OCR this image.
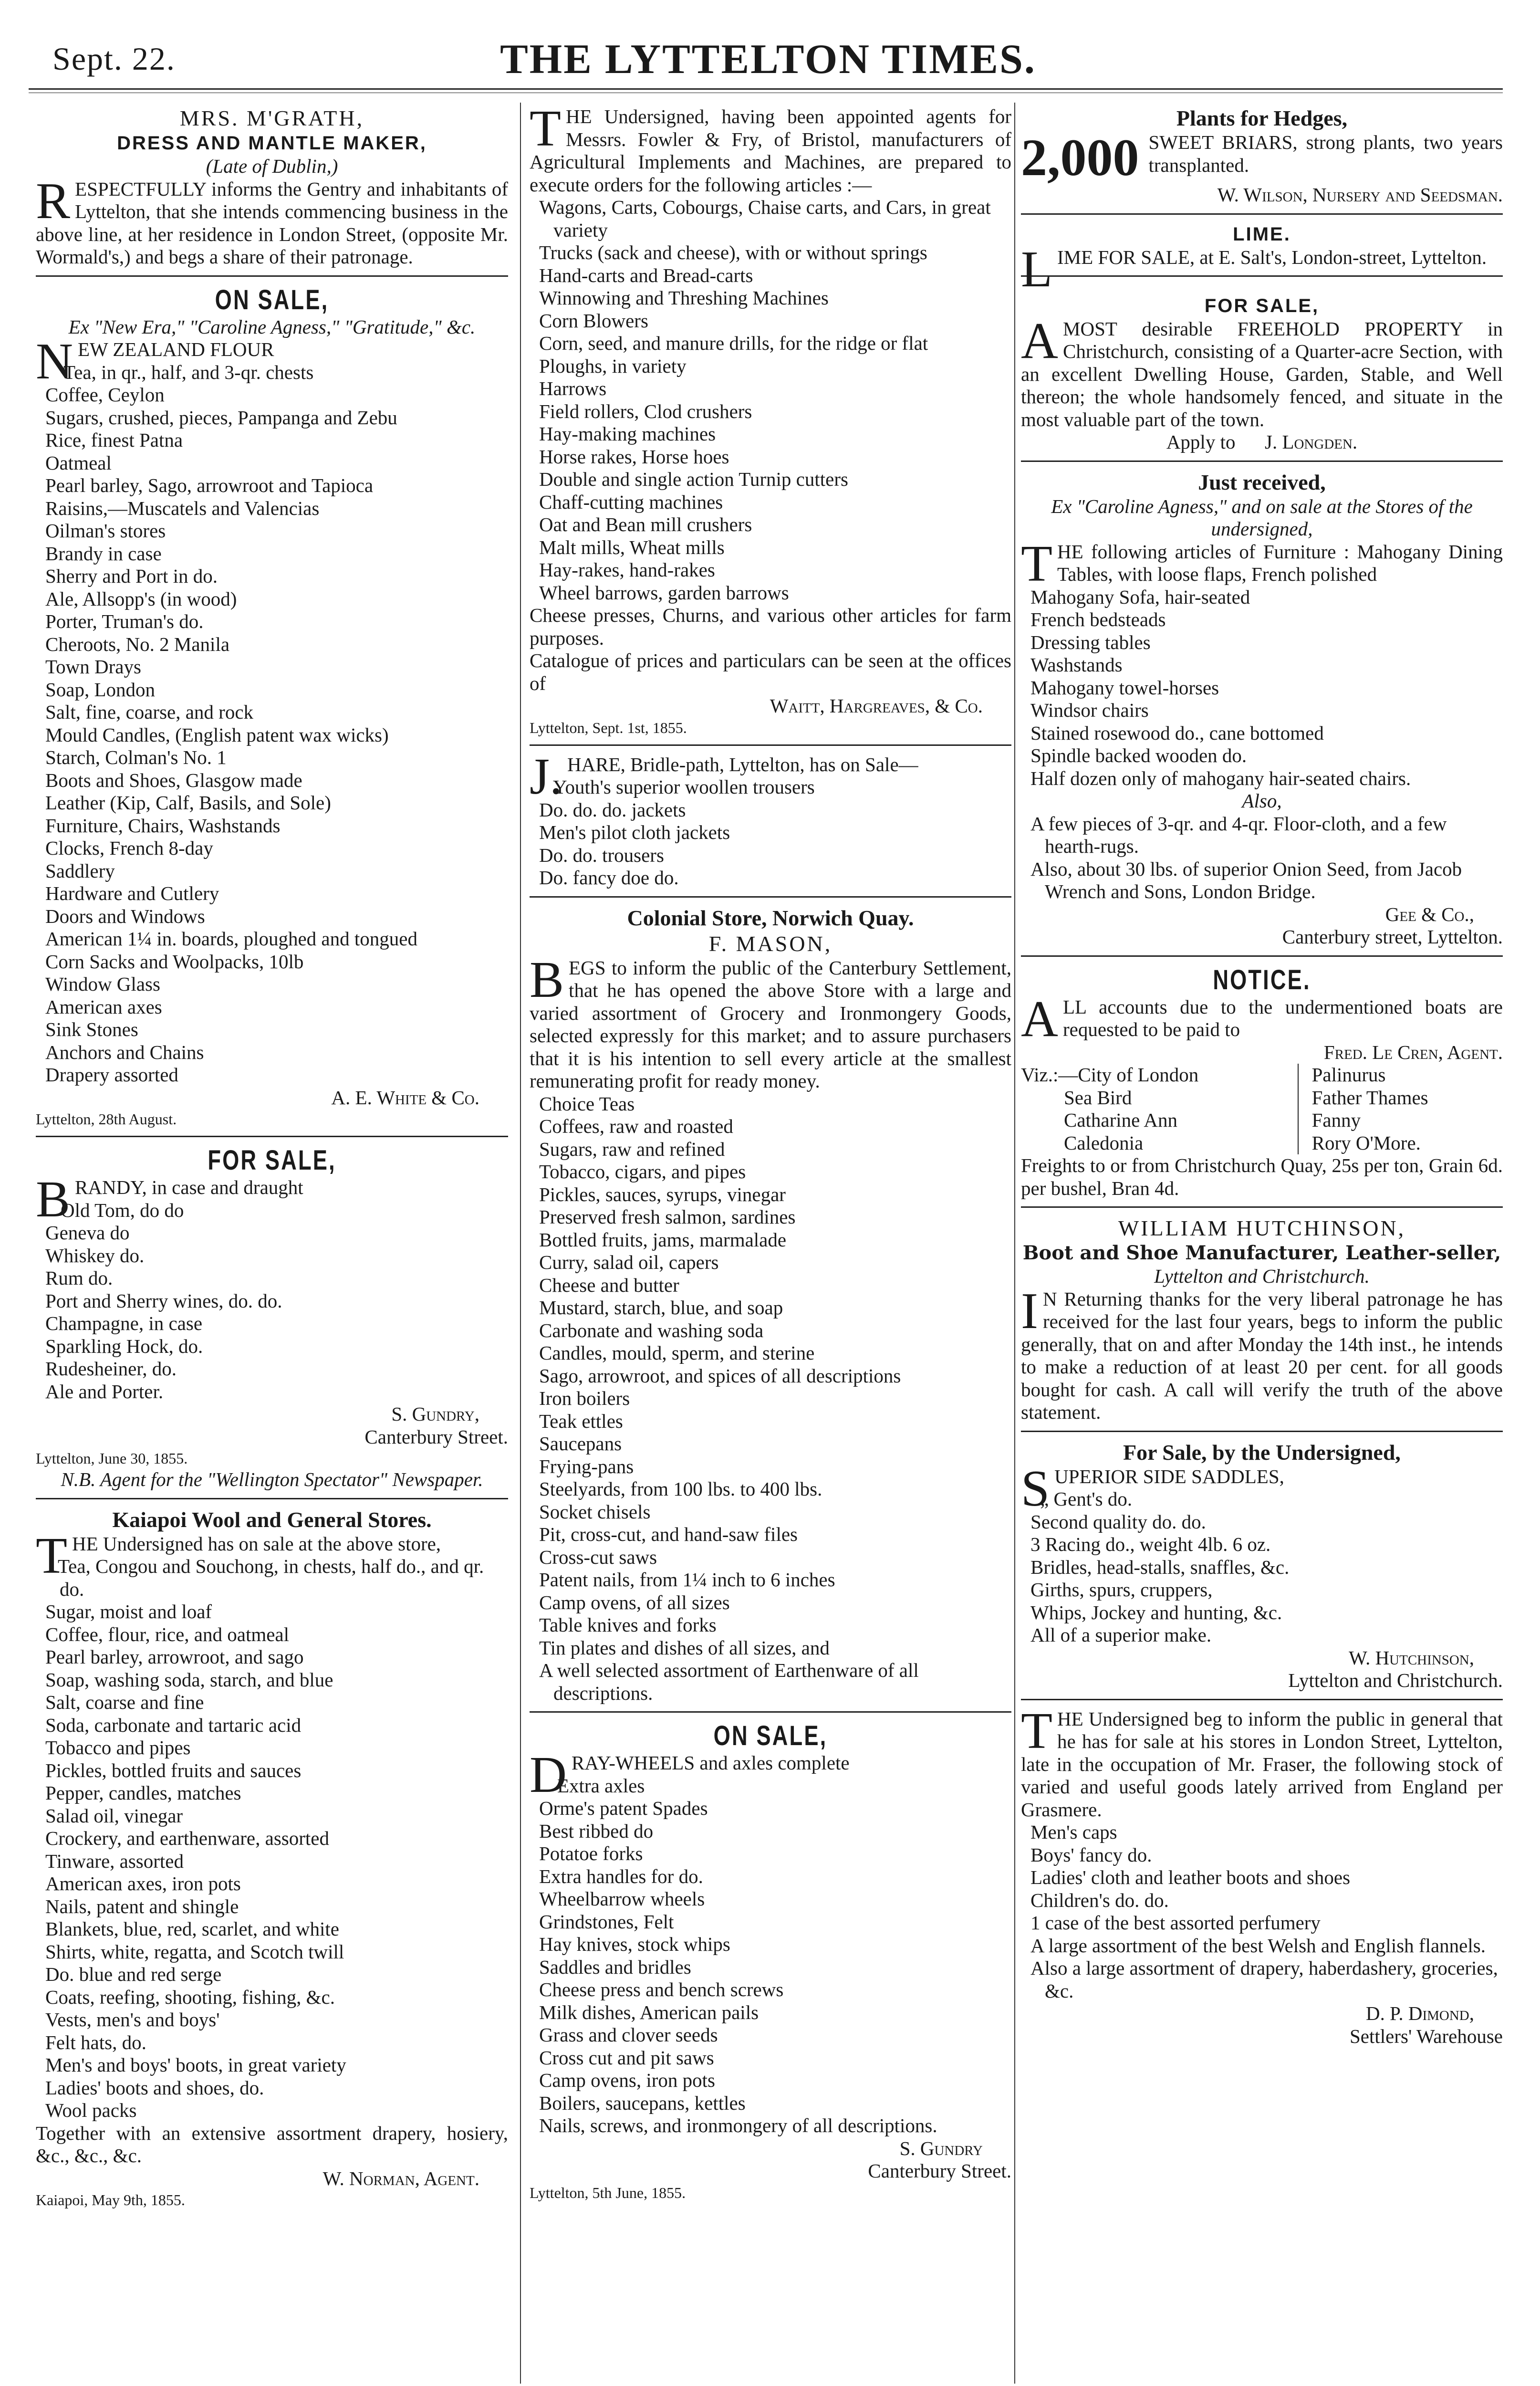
Sept. 22.	THE LYTTELTON TIMES.
MRS. M'GRATH,
DRESS AND MANTLE MAKER,
(Late of Dublin,)
RESPECTFULLY informs the Gentry and inhabitants of Lyttelton, that she intends commencing business in the above line, at her residence in London Street, (opposite Mr. Wormald's,) and begs a share of their patronage.
ON SALE,
Ex "New Era," "Caroline Agness," "Gratitude," &c.
NEW ZEALAND FLOUR
Tea, in qr., half, and 3-qr. chests
Coffee, Ceylon
Sugars, crushed, pieces, Pampanga and Zebu
Rice, finest Patna
Oatmeal
Pearl barley, Sago, arrowroot and Tapioca
Raisins,—Muscatels and Valencias
Oilman's stores
Brandy in case
Sherry and Port in do.
Ale, Allsopp's (in wood)
Porter, Truman's do.
Cheroots, No. 2 Manila
Town Drays
Soap, London
Salt, fine, coarse, and rock
Mould Candles, (English patent wax wicks)
Starch, Colman's No. 1
Boots and Shoes, Glasgow made
Leather (Kip, Calf, Basils, and Sole)
Furniture, Chairs, Washstands
Clocks, French 8-day
Saddlery
Hardware and Cutlery
Doors and Windows
American 1¼ in. boards, ploughed and tongued
Corn Sacks and Woolpacks, 10lb
Window Glass
American axes
Sink Stones
Anchors and Chains
Drapery assorted
A. E. White & Co.
Lyttelton, 28th August.
FOR SALE,
BRANDY, in case and draught
Old Tom, do do
Geneva do
Whiskey do.
Rum do.
Port and Sherry wines, do. do.
Champagne, in case
Sparkling Hock, do.
Rudesheiner, do.
Ale and Porter.
S. Gundry,
Canterbury Street.
Lyttelton, June 30, 1855.
N.B. Agent for the "Wellington Spectator" Newspaper.
Kaiapoi Wool and General Stores.
THE Undersigned has on sale at the above store,
Tea, Congou and Souchong, in chests, half do., and qr. do.
Sugar, moist and loaf
Coffee, flour, rice, and oatmeal
Pearl barley, arrowroot, and sago
Soap, washing soda, starch, and blue
Salt, coarse and fine
Soda, carbonate and tartaric acid
Tobacco and pipes
Pickles, bottled fruits and sauces
Pepper, candles, matches
Salad oil, vinegar
Crockery, and earthenware, assorted
Tinware, assorted
American axes, iron pots
Nails, patent and shingle
Blankets, blue, red, scarlet, and white
Shirts, white, regatta, and Scotch twill
Do. blue and red serge
Coats, reefing, shooting, fishing, &c.
Vests, men's and boys'
Felt hats, do.
Men's and boys' boots, in great variety
Ladies' boots and shoes, do.
Wool packs
Together with an extensive assortment drapery, hosiery, &c., &c., &c.
W. Norman, Agent.
Kaiapoi, May 9th, 1855.
THE Undersigned, having been appointed agents for Messrs. Fowler & Fry, of Bristol, manufacturers of Agricultural Implements and Machines, are prepared to execute orders for the following articles :—
Wagons, Carts, Cobourgs, Chaise carts, and Cars, in great variety
Trucks (sack and cheese), with or without springs
Hand-carts and Bread-carts
Winnowing and Threshing Machines
Corn Blowers
Corn, seed, and manure drills, for the ridge or flat
Ploughs, in variety
Harrows
Field rollers, Clod crushers
Hay-making machines
Horse rakes, Horse hoes
Double and single action Turnip cutters
Chaff-cutting machines
Oat and Bean mill crushers
Malt mills, Wheat mills
Hay-rakes, hand-rakes
Wheel barrows, garden barrows
Cheese presses, Churns, and various other articles for farm purposes.
Catalogue of prices and particulars can be seen at the offices of
Waitt, Hargreaves, & Co.
Lyttelton, Sept. 1st, 1855.
J. HARE, Bridle-path, Lyttelton, has on Sale—
Youth's superior woollen trousers
Do. do. do. jackets
Men's pilot cloth jackets
Do. do. trousers
Do. fancy doe do.
Colonial Store, Norwich Quay.
F. MASON,
BEGS to inform the public of the Canterbury Settlement, that he has opened the above Store with a large and varied assortment of Grocery and Ironmongery Goods, selected expressly for this market; and to assure purchasers that it is his intention to sell every article at the smallest remunerating profit for ready money.
Choice Teas
Coffees, raw and roasted
Sugars, raw and refined
Tobacco, cigars, and pipes
Pickles, sauces, syrups, vinegar
Preserved fresh salmon, sardines
Bottled fruits, jams, marmalade
Curry, salad oil, capers
Cheese and butter
Mustard, starch, blue, and soap
Carbonate and washing soda
Candles, mould, sperm, and sterine
Sago, arrowroot, and spices of all descriptions
Iron boilers
Teak ettles
Saucepans
Frying-pans
Steelyards, from 100 lbs. to 400 lbs.
Socket chisels
Pit, cross-cut, and hand-saw files
Cross-cut saws
Patent nails, from 1¼ inch to 6 inches
Camp ovens, of all sizes
Table knives and forks
Tin plates and dishes of all sizes, and
A well selected assortment of Earthenware of all descriptions.
ON SALE,
DRAY-WHEELS and axles complete
Extra axles
Orme's patent Spades
Best ribbed do
Potatoe forks
Extra handles for do.
Wheelbarrow wheels
Grindstones, Felt
Hay knives, stock whips
Saddles and bridles
Cheese press and bench screws
Milk dishes, American pails
Grass and clover seeds
Cross cut and pit saws
Camp ovens, iron pots
Boilers, saucepans, kettles
Nails, screws, and ironmongery of all descriptions.
S. Gundry
Canterbury Street.
Lyttelton, 5th June, 1855.
Plants for Hedges,
2,000 SWEET BRIARS, strong plants, two years transplanted.
W. Wilson, Nursery and Seedsman.
LIME.
LIME FOR SALE, at E. Salt's, London-street, Lyttelton.
FOR SALE,
AMOST desirable FREEHOLD PROPERTY in Christchurch, consisting of a Quarter-acre Section, with an excellent Dwelling House, Garden, Stable, and Well thereon; the whole handsomely fenced, and situate in the most valuable part of the town.
Apply to J. Longden.
Just received,
Ex "Caroline Agness," and on sale at the Stores of the undersigned,
THE following articles of Furniture : Mahogany Dining Tables, with loose flaps, French polished
Mahogany Sofa, hair-seated
French bedsteads
Dressing tables
Washstands
Mahogany towel-horses
Windsor chairs
Stained rosewood do., cane bottomed
Spindle backed wooden do.
Half dozen only of mahogany hair-seated chairs.
Also,
A few pieces of 3-qr. and 4-qr. Floor-cloth, and a few hearth-rugs.
Also, about 30 lbs. of superior Onion Seed, from Jacob Wrench and Sons, London Bridge.
Gee & Co.,
Canterbury street, Lyttelton.
NOTICE.
ALL accounts due to the undermentioned boats are requested to be paid to
Fred. Le Cren, Agent.
Viz.:—City of London
Sea Bird
Catharine Ann
Caledonia
Palinurus
Father Thames
Fanny
Rory O'More.
Freights to or from Christchurch Quay, 25s per ton, Grain 6d. per bushel, Bran 4d.
WILLIAM HUTCHINSON,
Boot and Shoe Manufacturer, Leather-seller,
Lyttelton and Christchurch.
I N Returning thanks for the very liberal patronage he has received for the last four years, begs to inform the public generally, that on and after Monday the 14th inst., he intends to make a reduction of at least 20 per cent. for all goods bought for cash. A call will verify the truth of the above statement.
For Sale, by the Undersigned,
SUPERIOR SIDE SADDLES,
„ Gent's do.
Second quality do. do.
3 Racing do., weight 4lb. 6 oz.
Bridles, head-stalls, snaffles, &c.
Girths, spurs, cruppers,
Whips, Jockey and hunting, &c.
All of a superior make.
W. Hutchinson,
Lyttelton and Christchurch.
THE Undersigned beg to inform the public in general that he has for sale at his stores in London Street, Lyttelton, late in the occupation of Mr. Fraser, the following stock of varied and useful goods lately arrived from England per Grasmere.
Men's caps
Boys' fancy do.
Ladies' cloth and leather boots and shoes
Children's do. do.
1 case of the best assorted perfumery
A large assortment of the best Welsh and English flannels.
Also a large assortment of drapery, haberdashery, groceries, &c.
D. P. Dimond,
Settlers' Warehouse
